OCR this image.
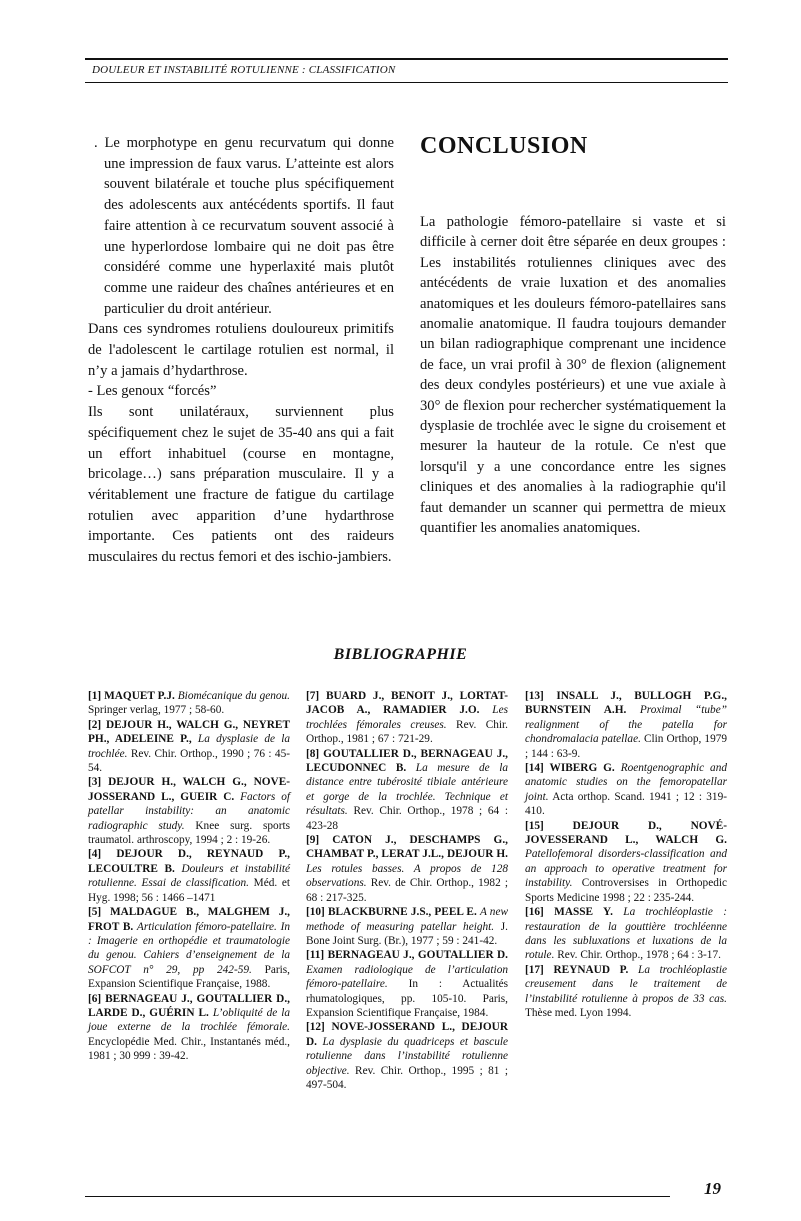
DOULEUR ET INSTABILITÉ ROTULIENNE : CLASSIFICATION

. Le morphotype en genu recurvatum qui donne une impression de faux varus. L’atteinte est alors souvent bilatérale et touche plus spécifiquement des adolescents aux antécédents sportifs. Il faut faire attention à ce recurvatum souvent associé à une hyperlordose lombaire qui ne doit pas être considéré comme une hyperlaxité mais plutôt comme une raideur des chaînes antérieures et en particulier du droit antérieur.

Dans ces syndromes rotuliens douloureux primitifs de l'adolescent le cartilage rotulien est normal, il n’y a jamais d’hydarthrose.

- Les genoux “forcés”

Ils sont unilatéraux, surviennent plus spécifiquement chez le sujet de 35-40 ans qui a fait un effort inhabituel (course en montagne, bricolage…) sans préparation musculaire. Il y a véritablement une fracture de fatigue du cartilage rotulien avec apparition d’une hydarthrose importante. Ces patients ont des raideurs musculaires du rectus femori et des ischio-jambiers.

CONCLUSION

La pathologie fémoro-patellaire si vaste et si difficile à cerner doit être séparée en deux groupes : Les instabilités rotuliennes cliniques avec des antécédents de vraie luxation et des anomalies anatomiques et les douleurs fémoro-patellaires sans anomalie anatomique. Il faudra toujours demander un bilan radiographique comprenant une incidence de face, un vrai profil à 30° de flexion (alignement des deux condyles postérieurs) et une vue axiale à 30° de flexion pour rechercher systématiquement la dysplasie de trochlée avec le signe du croisement et mesurer la hauteur de la rotule. Ce n'est que lorsqu'il y a une concordance entre les signes cliniques et des anomalies à la radiographie qu'il faut demander un scanner qui permettra de mieux quantifier les anomalies anatomiques.

BIBLIOGRAPHIE

[1] MAQUET P.J. Biomécanique du genou. Springer verlag, 1977 ; 58-60.

[2] DEJOUR H., WALCH G., NEYRET PH., ADELEINE P., La dysplasie de la trochlée. Rev. Chir. Orthop., 1990 ; 76 : 45-54.

[3] DEJOUR H., WALCH G., NOVE-JOSSERAND L., GUEIR C. Factors of patellar instability: an anatomic radiographic study. Knee surg. sports traumatol. arthroscopy, 1994 ; 2 : 19-26.

[4] DEJOUR D., REYNAUD P., LECOULTRE B. Douleurs et instabilité rotulienne. Essai de classification. Méd. et Hyg. 1998; 56 : 1466 –1471

[5] MALDAGUE B., MALGHEM J., FROT B. Articulation fémoro-patellaire. In : Imagerie en orthopédie et traumatologie du genou. Cahiers d’enseignement de la SOFCOT n° 29, pp 242-59. Paris, Expansion Scientifique Française, 1988.

[6] BERNAGEAU J., GOUTALLIER D., LARDE D., GUÉRIN L. L’obliquité de la joue externe de la trochlée fémorale. Encyclopédie Med. Chir., Instantanés méd., 1981 ; 30 999 : 39-42.

[7] BUARD J., BENOIT J., LORTAT-JACOB A., RAMADIER J.O. Les trochlées fémorales creuses. Rev. Chir. Orthop., 1981 ; 67 : 721-29.

[8] GOUTALLIER D., BERNAGEAU J., LECUDONNEC B. La mesure de la distance entre tubérosité tibiale antérieure et gorge de la trochlée. Technique et résultats. Rev. Chir. Orthop., 1978 ; 64 : 423-28

[9] CATON J., DESCHAMPS G., CHAMBAT P., LERAT J.L., DEJOUR H. Les rotules basses. A propos de 128 observations. Rev. de Chir. Orthop., 1982 ; 68 : 217-325.

[10] BLACKBURNE J.S., PEEL E. A new methode of measuring patellar height. J. Bone Joint Surg. (Br.), 1977 ; 59 : 241-42.

[11] BERNAGEAU J., GOUTALLIER D. Examen radiologique de l’articulation fémoro-patellaire. In : Actualités rhumatologiques, pp. 105-10. Paris, Expansion Scientifique Française, 1984.

[12] NOVE-JOSSERAND L., DEJOUR D. La dysplasie du quadriceps et bascule rotulienne dans l’instabilité rotulienne objective. Rev. Chir. Orthop., 1995 ; 81 ; 497-504.

[13] INSALL J., BULLOGH P.G., BURNSTEIN A.H. Proximal “tube” realignment of the patella for chondromalacia patellae. Clin Orthop, 1979 ; 144 : 63-9.

[14] WIBERG G. Roentgenographic and anatomic studies on the femoropatellar joint. Acta orthop. Scand. 1941 ; 12 : 319-410.

[15] DEJOUR D., NOVÉ-JOVESSERAND L., WALCH G. Patellofemoral disorders-classification and an approach to operative treatment for instability. Controversises in Orthopedic Sports Medicine 1998 ; 22 : 235-244.

[16] MASSE Y. La trochléoplastie : restauration de la gouttière trochléenne dans les subluxations et luxations de la rotule. Rev. Chir. Orthop., 1978 ; 64 : 3-17.

[17] REYNAUD P. La trochléoplastie creusement dans le traitement de l’instabilité rotulienne à propos de 33 cas. Thèse med. Lyon 1994.

19
